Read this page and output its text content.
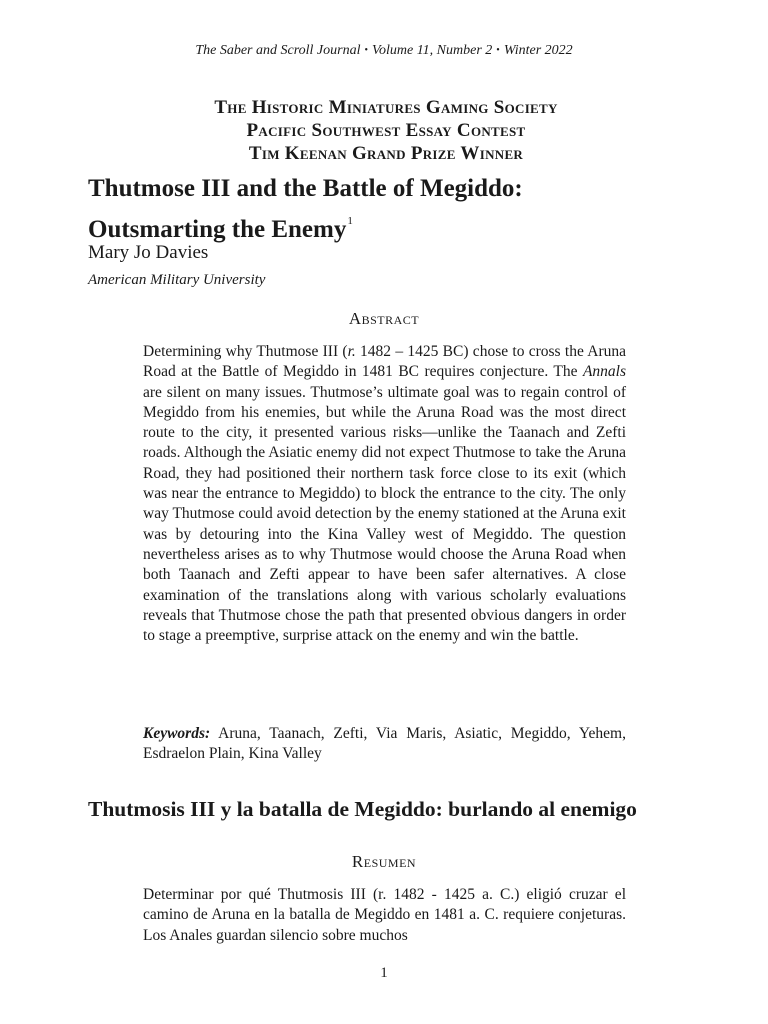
The Saber and Scroll Journal • Volume 11, Number 2 • Winter 2022
The Historic Miniatures Gaming Society
Pacific Southwest Essay Contest
Tim Keenan Grand Prize Winner
Thutmose III and the Battle of Megiddo:
Outsmarting the Enemy$^1$
Mary Jo Davies
American Military University
Abstract
Determining why Thutmose III (r. 1482 – 1425 BC) chose to cross the Aruna Road at the Battle of Megiddo in 1481 BC requires conjecture. The Annals are silent on many issues. Thutmose’s ultimate goal was to regain control of Megiddo from his enemies, but while the Aruna Road was the most direct route to the city, it presented various risks—unlike the Taanach and Zefti roads. Although the Asiatic enemy did not expect Thutmose to take the Aruna Road, they had positioned their northern task force close to its exit (which was near the entrance to Megiddo) to block the entrance to the city. The only way Thutmose could avoid detection by the enemy stationed at the Aruna exit was by detouring into the Kina Valley west of Megiddo. The question nevertheless arises as to why Thutmose would choose the Aruna Road when both Taanach and Zefti appear to have been safer alternatives. A close examination of the translations along with various scholarly evaluations reveals that Thutmose chose the path that presented obvious dangers in order to stage a preemptive, surprise attack on the enemy and win the battle.
Keywords: Aruna, Taanach, Zefti, Via Maris, Asiatic, Megiddo, Yehem, Esdraelon Plain, Kina Valley
Thutmosis III y la batalla de Megiddo: burlando al enemigo
Resumen
Determinar por qué Thutmosis III (r. 1482 - 1425 a. C.) eligió cruzar el camino de Aruna en la batalla de Megiddo en 1481 a. C. requiere conjeturas. Los Anales guardan silencio sobre muchos
1
